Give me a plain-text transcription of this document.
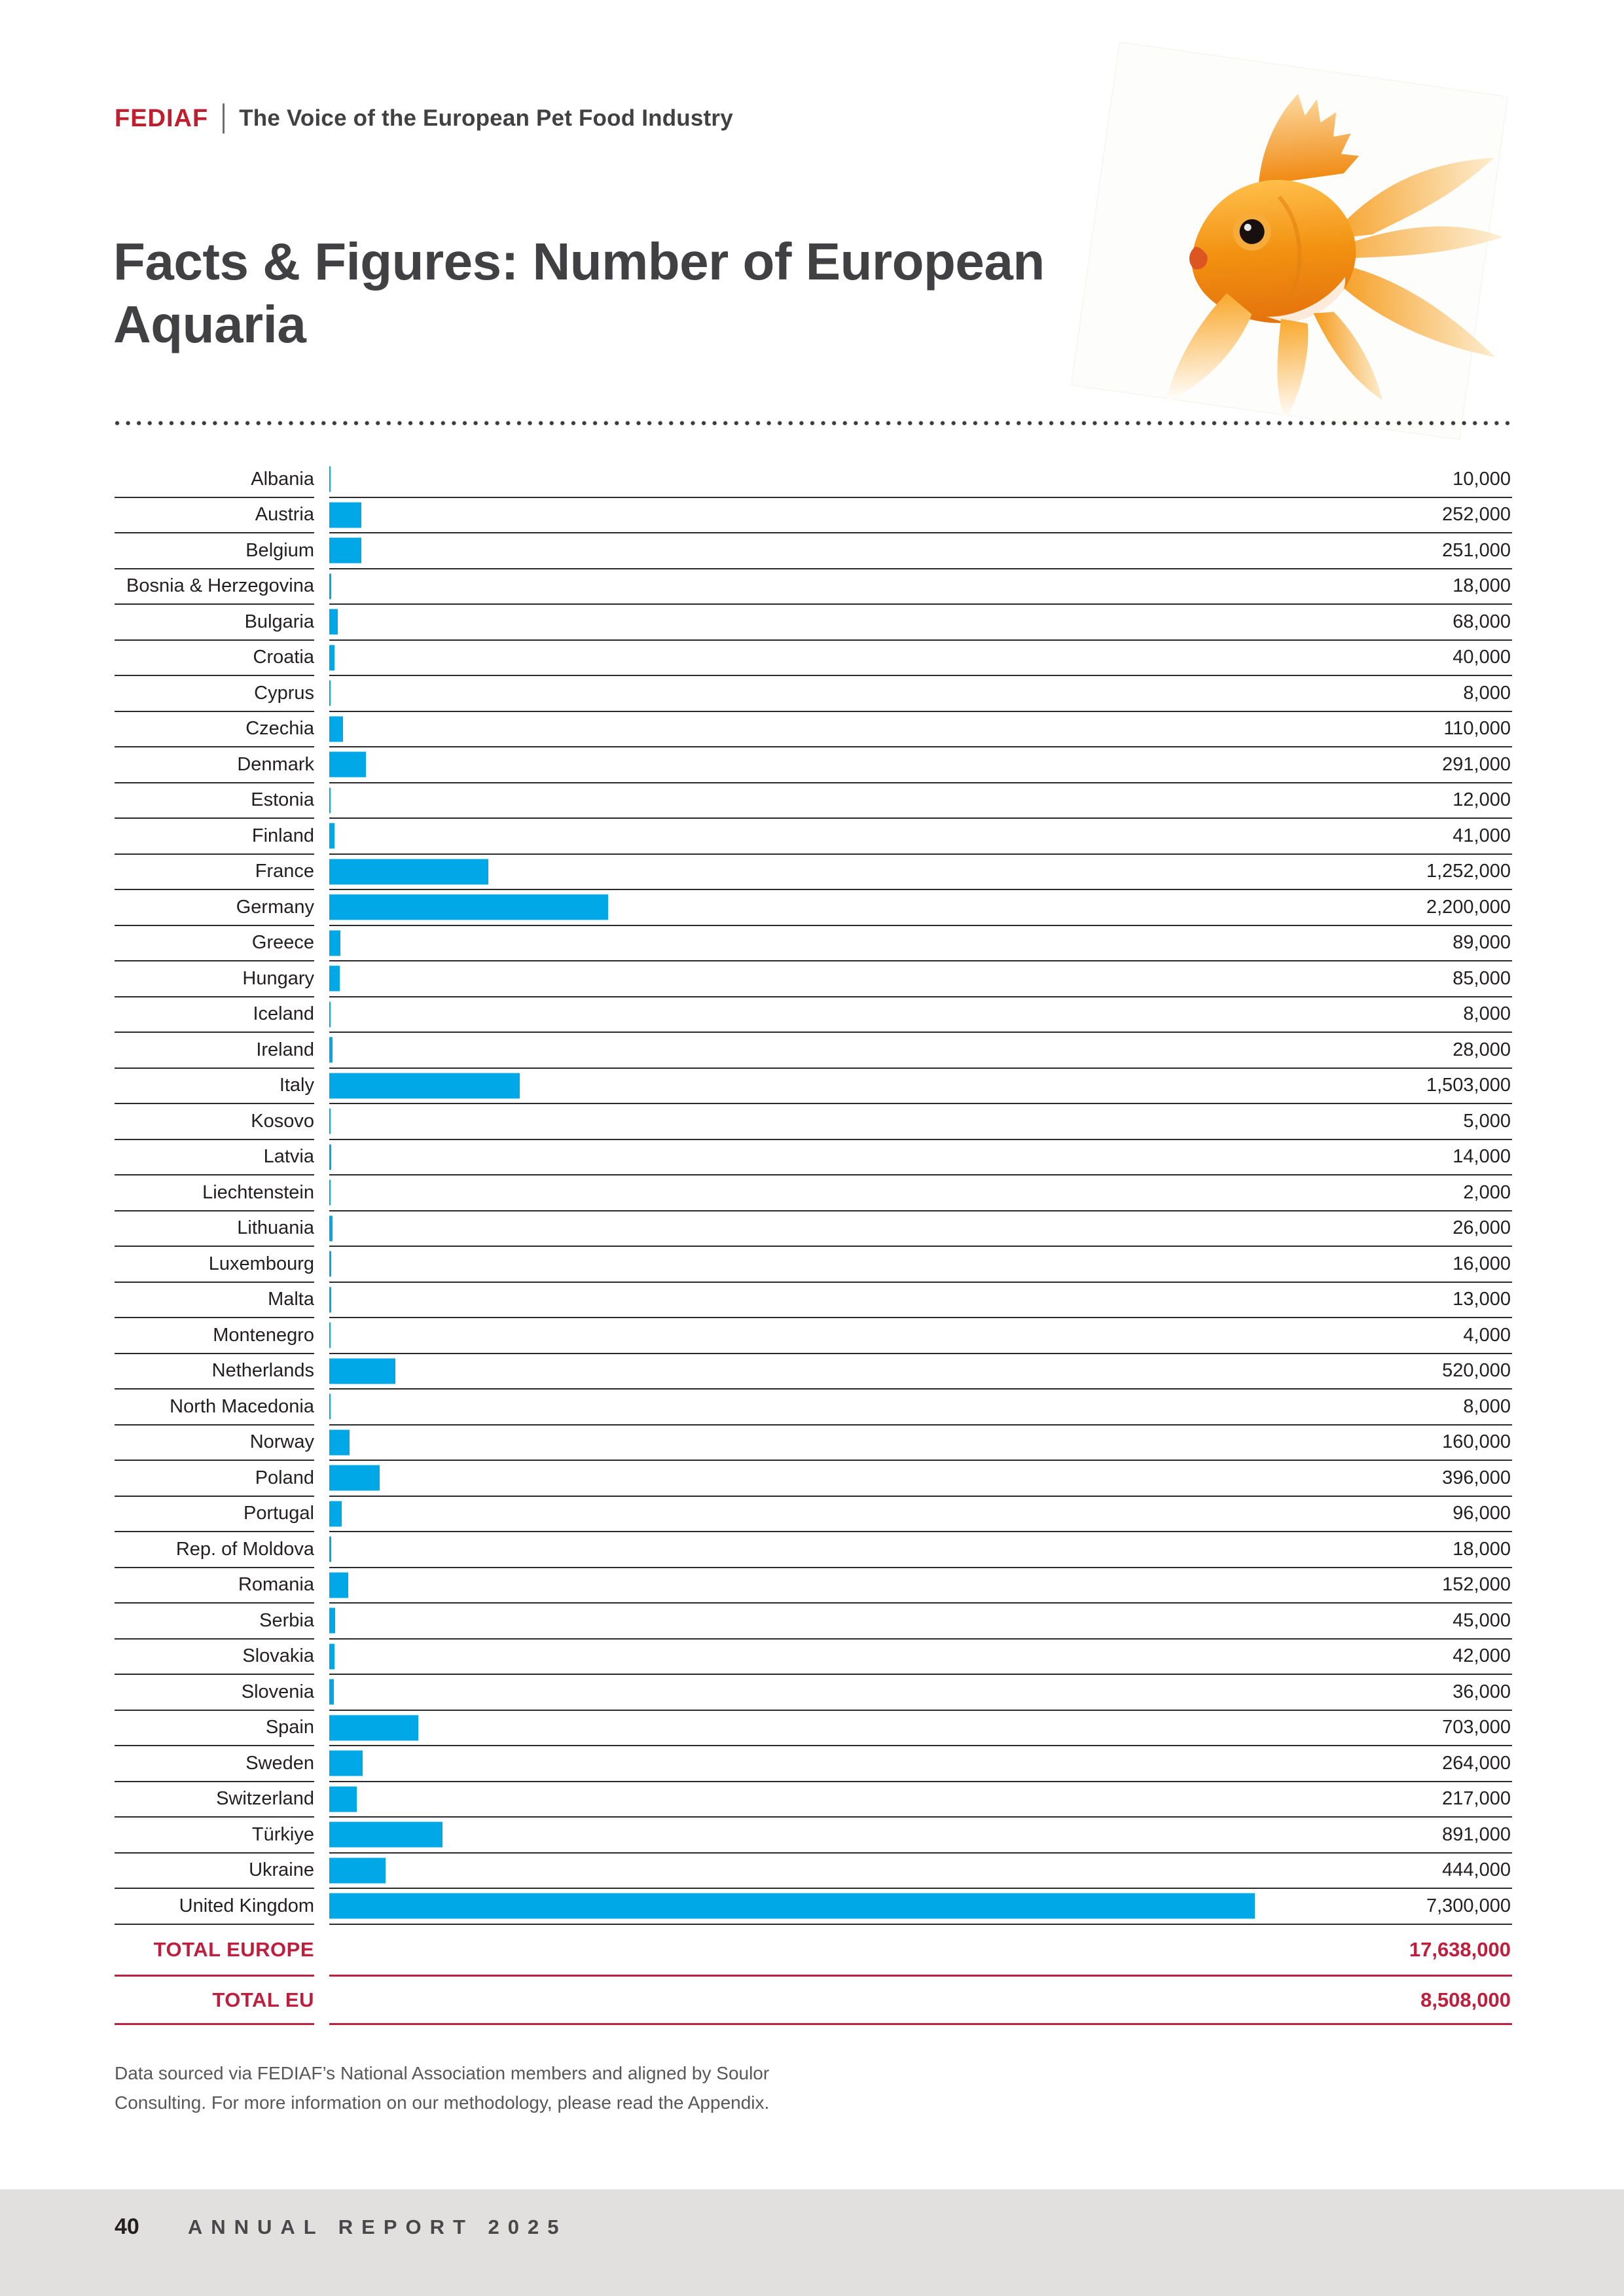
FEDIAF The Voice of the European Pet Food Industry
Facts & Figures: Number of European Aquaria
Albania	10,000
Austria	252,000
Belgium	251,000
Bosnia & Herzegovina	18,000
Bulgaria	68,000
Croatia	40,000
Cyprus	8,000
Czechia	110,000
Denmark	291,000
Estonia	12,000
Finland	41,000
France	1,252,000
Germany	2,200,000
Greece	89,000
Hungary	85,000
Iceland	8,000
Ireland	28,000
Italy	1,503,000
Kosovo	5,000
Latvia	14,000
Liechtenstein	2,000
Lithuania	26,000
Luxembourg	16,000
Malta	13,000
Montenegro	4,000
Netherlands	520,000
North Macedonia	8,000
Norway	160,000
Poland	396,000
Portugal	96,000
Rep. of Moldova	18,000
Romania	152,000
Serbia	45,000
Slovakia	42,000
Slovenia	36,000
Spain	703,000
Sweden	264,000
Switzerland	217,000
Türkiye	891,000
Ukraine	444,000
United Kingdom	7,300,000
TOTAL EUROPE	17,638,000
TOTAL EU	8,508,000
Data sourced via FEDIAF’s National Association members and aligned by Soulor
Consulting. For more information on our methodology, please read the Appendix.
40 ANNUAL REPORT 2025
